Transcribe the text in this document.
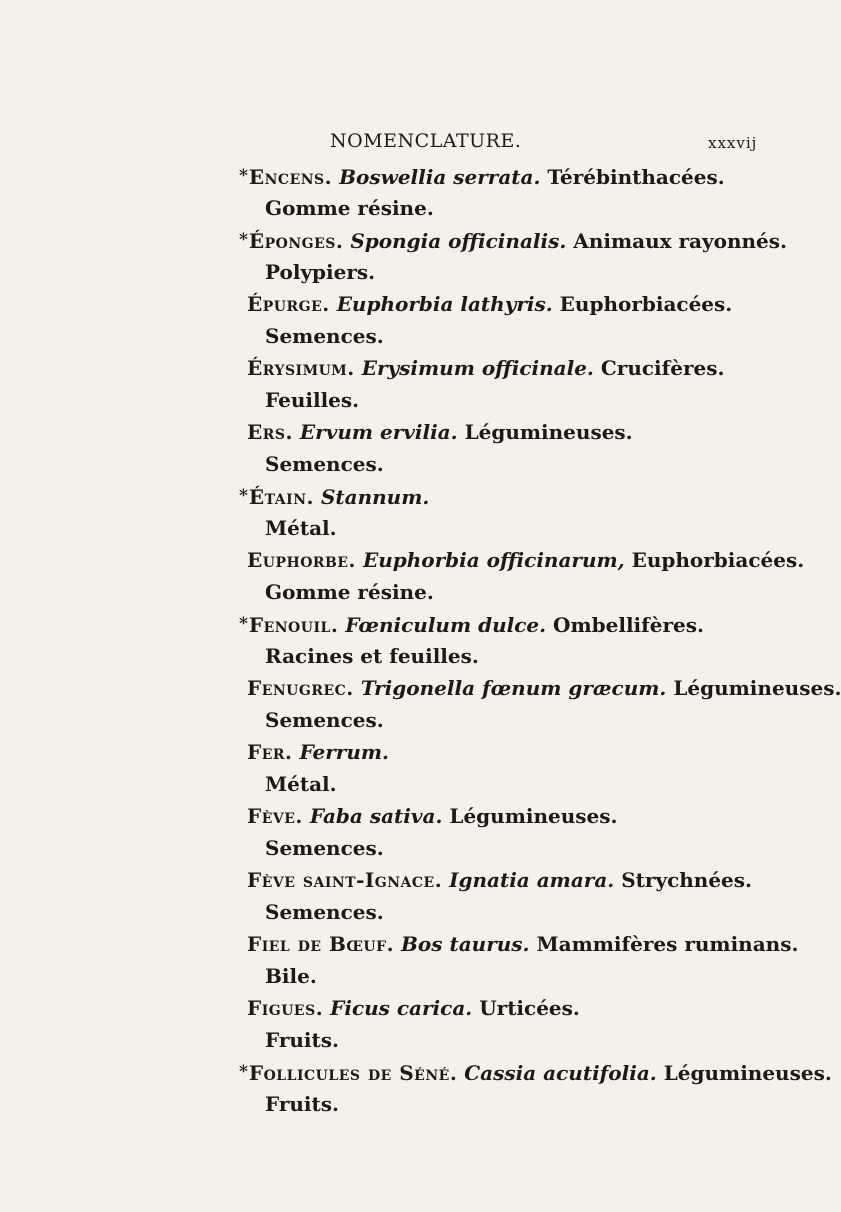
NOMENCLATURE.	xxxvij
*Encens. Boswellia serrata. Térébinthacées.
Gomme résine.
*Éponges. Spongia officinalis. Animaux rayonnés.
Polypiers.
Épurge. Euphorbia lathyris. Euphorbiacées.
Semences.
Érysimum. Erysimum officinale. Crucifères.
Feuilles.
Ers. Ervum ervilia. Légumineuses.
Semences.
*Étain. Stannum.
Métal.
Euphorbe. Euphorbia officinarum, Euphorbiacées.
Gomme résine.
*Fenouil. Fœniculum dulce. Ombellifères.
Racines et feuilles.
Fenugrec. Trigonella fœnum græcum. Légumineuses.
Semences.
Fer. Ferrum.
Métal.
Fève. Faba sativa. Légumineuses.
Semences.
Fève saint-Ignace. Ignatia amara. Strychnées.
Semences.
Fiel de Bœuf. Bos taurus. Mammifères ruminans.
Bile.
Figues. Ficus carica. Urticées.
Fruits.
*Follicules de Séné. Cassia acutifolia. Légumineuses.
Fruits.
